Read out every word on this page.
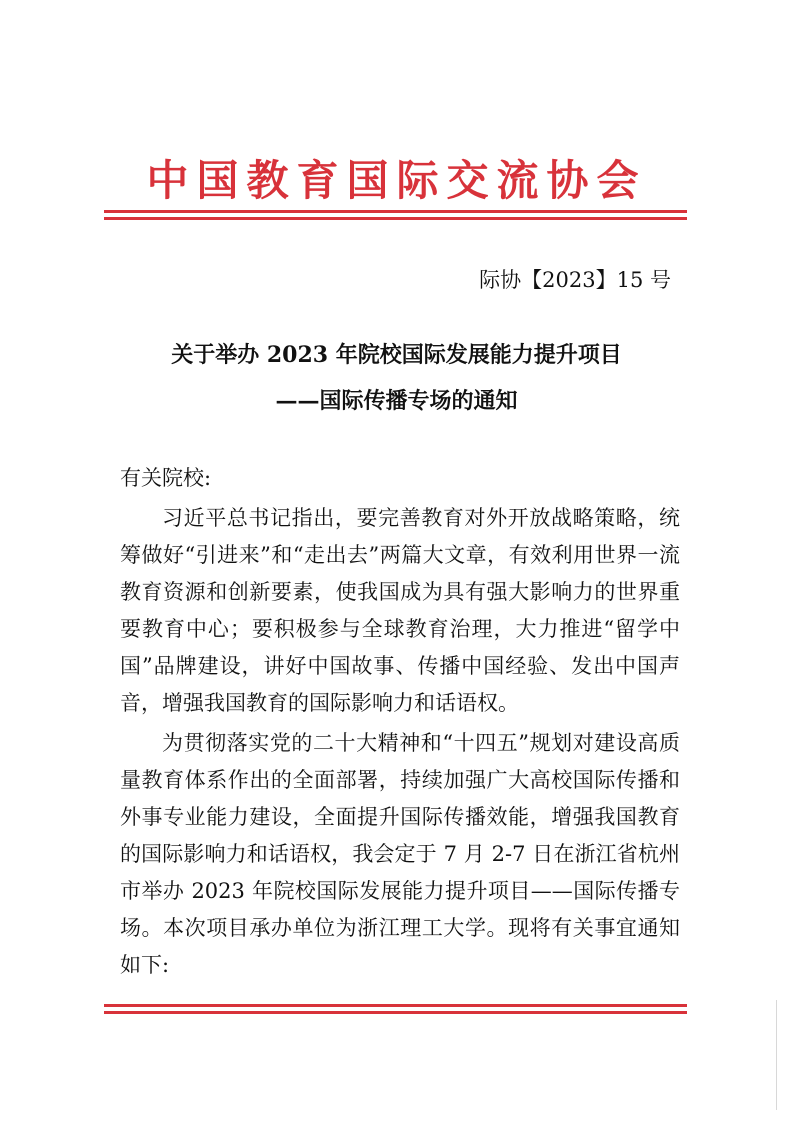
中国教育国际交流协会
际协【2023】15 号
关于举办 2023 年院校国际发展能力提升项目
——国际传播专场的通知
有关院校:

习近平总书记指出，要完善教育对外开放战略策略，统筹做好“引进来”和“走出去”两篇大文章，有效利用世界一流教育资源和创新要素，使我国成为具有强大影响力的世界重要教育中心；要积极参与全球教育治理，大力推进“留学中国”品牌建设，讲好中国故事、传播中国经验、发出中国声音，增强我国教育的国际影响力和话语权。

为贯彻落实党的二十大精神和“十四五”规划对建设高质量教育体系作出的全面部署，持续加强广大高校国际传播和外事专业能力建设，全面提升国际传播效能，增强我国教育的国际影响力和话语权，我会定于 7 月 2-7 日在浙江省杭州市举办 2023 年院校国际发展能力提升项目——国际传播专场。本次项目承办单位为浙江理工大学。现将有关事宜通知如下:
